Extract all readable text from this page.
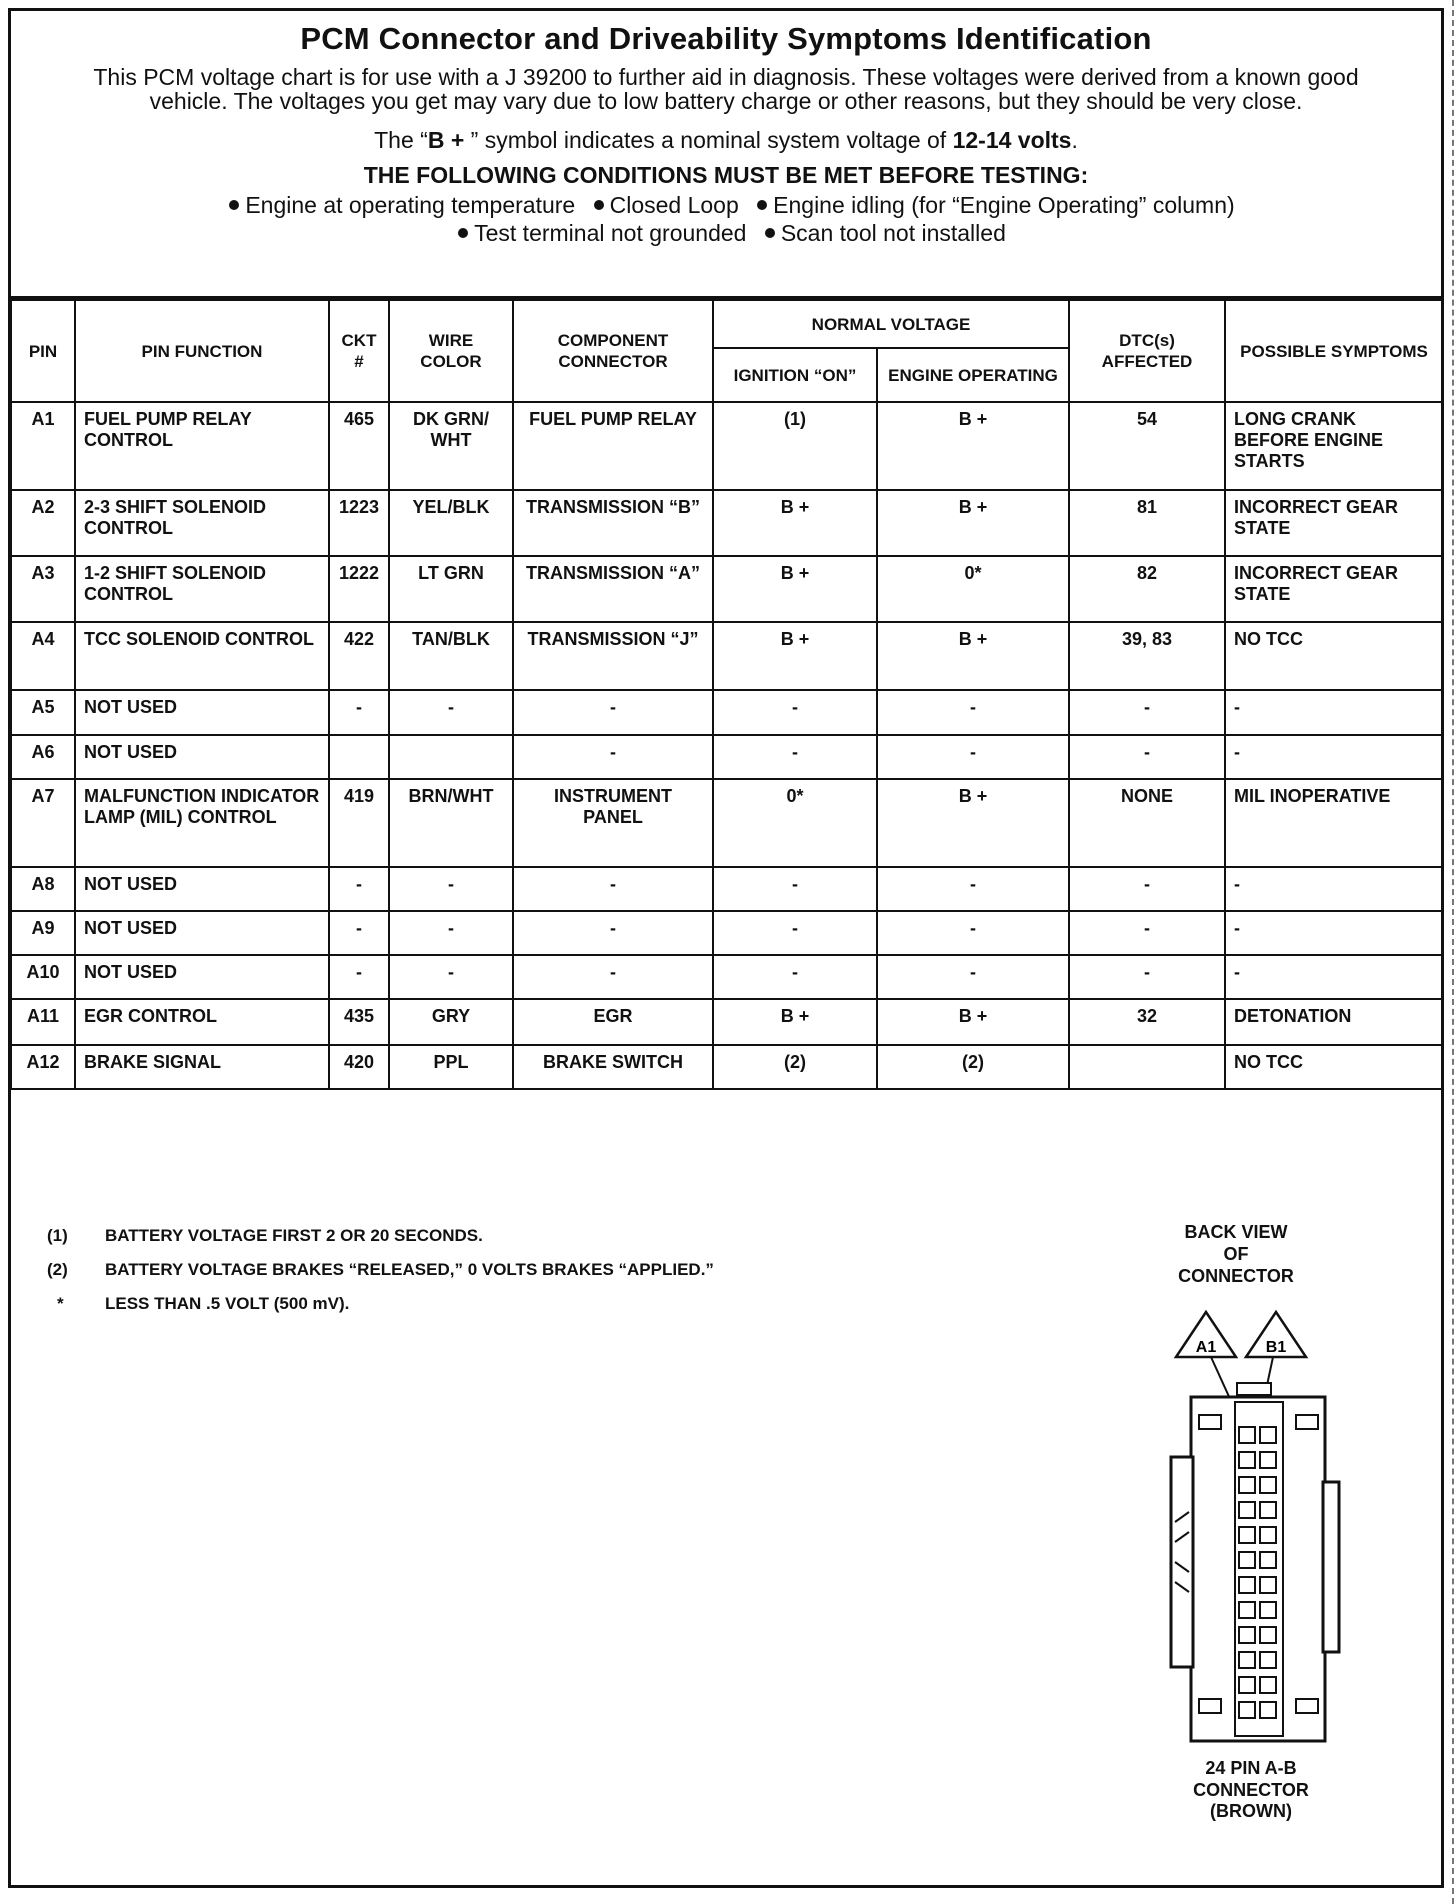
PCM Connector and Driveability Symptoms Identification
This PCM voltage chart is for use with a J 39200 to further aid in diagnosis. These voltages were derived from a known good vehicle. The voltages you get may vary due to low battery charge or other reasons, but they should be very close.
The “B + ” symbol indicates a nominal system voltage of 12-14 volts.
THE FOLLOWING CONDITIONS MUST BE MET BEFORE TESTING:
Engine at operating temperature Closed Loop Engine idling (for “Engine Operating” column)
Test terminal not grounded Scan tool not installed
PIN	PIN FUNCTION	CKT #	WIRE COLOR	COMPONENT CONNECTOR	NORMAL VOLTAGE		DTC(s) AFFECTED	POSSIBLE SYMPTOMS
					IGNITION “ON”	ENGINE OPERATING		
A1	FUEL PUMP RELAY CONTROL	465	DK GRN/ WHT	FUEL PUMP RELAY	(1)	B +	54	LONG CRANK BEFORE ENGINE STARTS
A2	2-3 SHIFT SOLENOID CONTROL	1223	YEL/BLK	TRANSMISSION “B”	B +	B +	81	INCORRECT GEAR STATE
A3	1-2 SHIFT SOLENOID CONTROL	1222	LT GRN	TRANSMISSION “A”	B +	0*	82	INCORRECT GEAR STATE
A4	TCC SOLENOID CONTROL	422	TAN/BLK	TRANSMISSION “J”	B +	B +	39, 83	NO TCC
A5	NOT USED	-	-	-	-	-	-	-
A6	NOT USED			-	-	-	-	-
A7	MALFUNCTION INDICATOR LAMP (MIL) CONTROL	419	BRN/WHT	INSTRUMENT PANEL	0*	B +	NONE	MIL INOPERATIVE
A8	NOT USED	-	-	-	-	-	-	-
A9	NOT USED	-	-	-	-	-	-	-
A10	NOT USED	-	-	-	-	-	-	-
A11	EGR CONTROL	435	GRY	EGR	B +	B +	32	DETONATION
A12	BRAKE SIGNAL	420	PPL	BRAKE SWITCH	(2)	(2)		NO TCC
(1)	BATTERY VOLTAGE FIRST 2 OR 20 SECONDS.
(2)	BATTERY VOLTAGE BRAKES “RELEASED,” 0 VOLTS BRAKES “APPLIED.”
*	LESS THAN .5 VOLT (500 mV).
BACK VIEW
OF
CONNECTOR
A1	B1
24 PIN A-B
CONNECTOR
(BROWN)
